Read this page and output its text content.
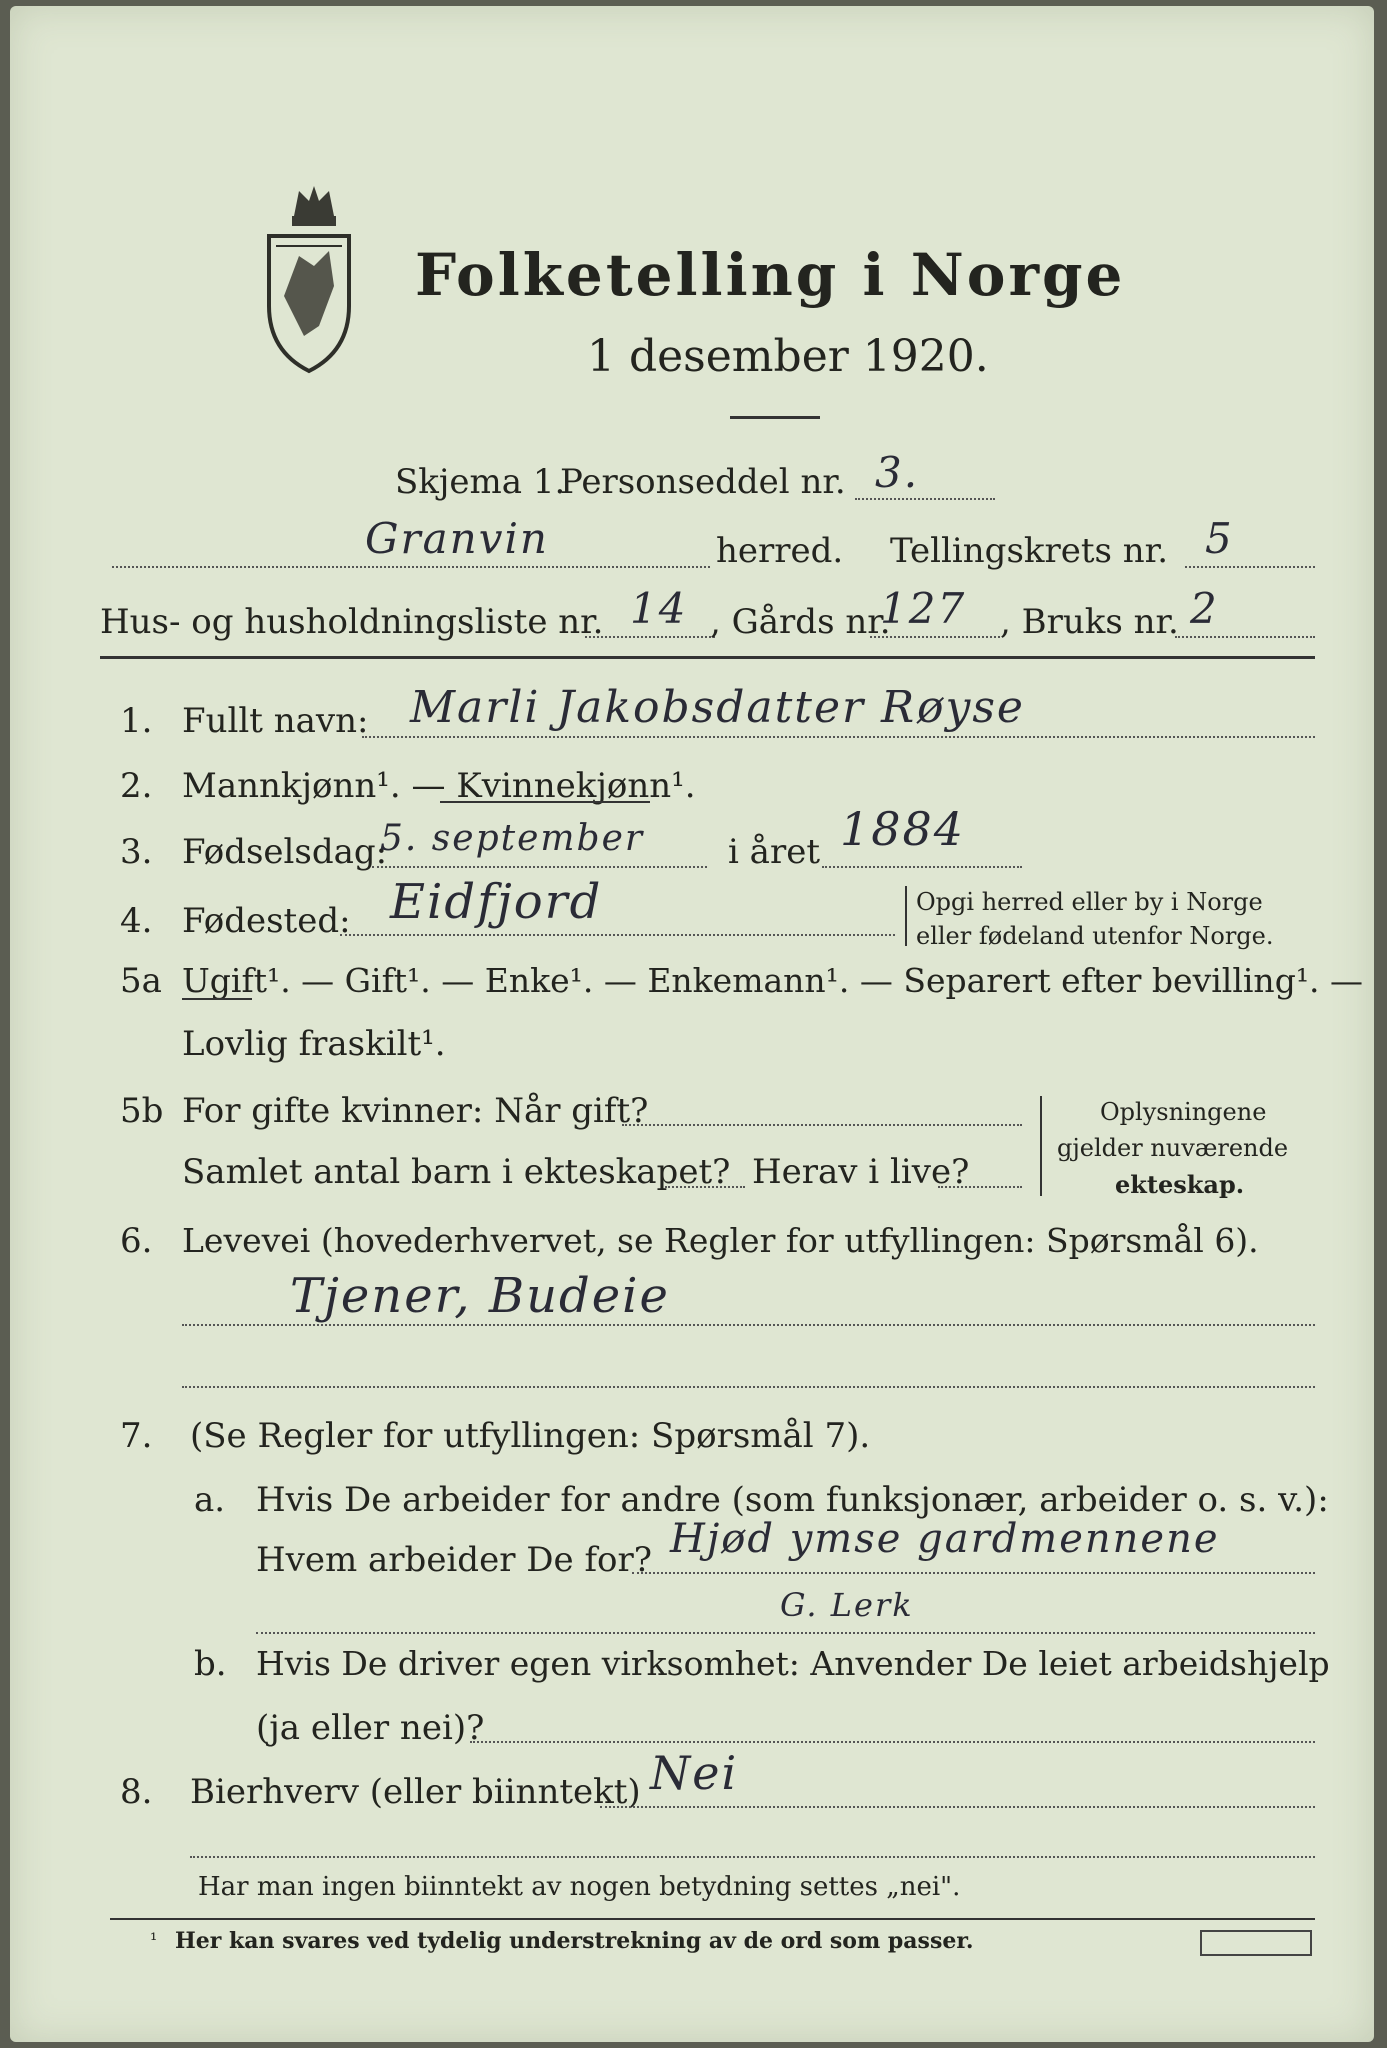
Folketelling i Norge
1 desember 1920.
Skjema 1.
Personseddel nr. 3.
Granvin	herred. Tellingskrets nr. 5
Hus- og husholdningsliste nr. 14 , Gårds nr.
127 , Bruks nr. 2
1. Fullt navn: Marli Jakobsdatter Røyse
2. Mannkjønn¹. — Kvinnekjønn¹.
3. Fødselsdag:
5. september i året 1884
4. Fødested: Eidfjord	Opgi herred eller by i Norge
eller fødeland utenfor Norge.
5a Ugift¹. — Gift¹. — Enke¹. — Enkemann¹. — Separert efter bevilling¹. —
Lovlig fraskilt¹.
5b For gifte kvinner: Når gift?
Samlet antal barn i ekteskapet? Herav i live?
Oplysningene
gjelder nuværende
ekteskap.
6. Levevei (hovederhvervet, se Regler for utfyllingen: Spørsmål 6).
Tjener, Budeie
7. (Se Regler for utfyllingen: Spørsmål 7).
a. Hvis De arbeider for andre (som funksjonær, arbeider o. s. v.):
Hvem arbeider De for? Hjød ymse gardmennene
G. Lerk
b. Hvis De driver egen virksomhet: Anvender De leiet arbeidshjelp
(ja eller nei)?
8. Bierhverv (eller biinntekt) Nei
Har man ingen biinntekt av nogen betydning settes „nei".
¹ Her kan svares ved tydelig understrekning av de ord som passer.
